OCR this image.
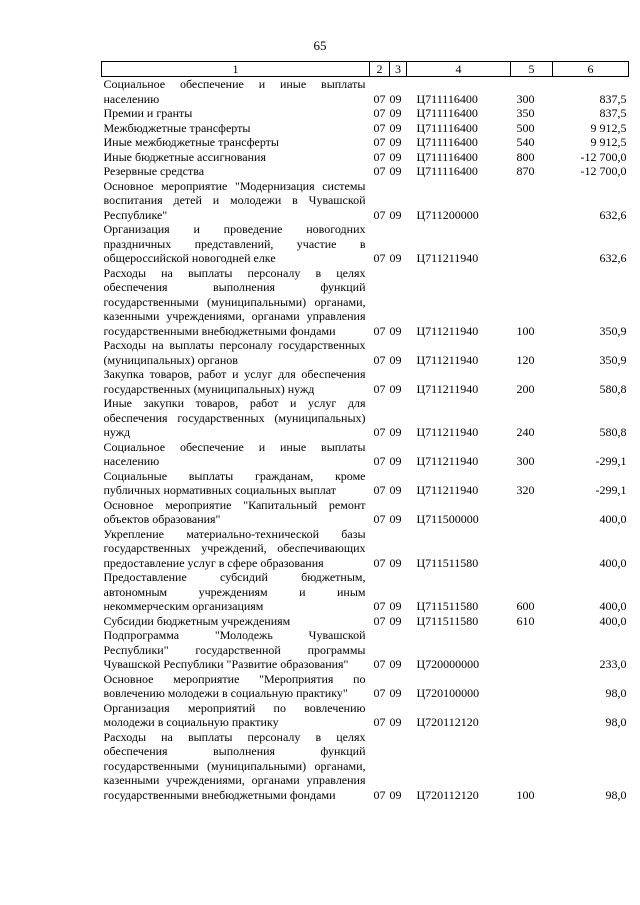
65
1	2	3	4	5	6
Социальное обеспечение и иные выплаты населению	07	09	Ц711116400	300	837,5
Премии и гранты	07	09	Ц711116400	350	837,5
Межбюджетные трансферты	07	09	Ц711116400	500	9 912,5
Иные межбюджетные трансферты	07	09	Ц711116400	540	9 912,5
Иные бюджетные ассигнования	07	09	Ц711116400	800	-12 700,0
Резервные средства	07	09	Ц711116400	870	-12 700,0
Основное мероприятие "Модернизация системы воспитания детей и молодежи в Чувашской Республике"	07	09	Ц711200000		632,6
Организация и проведение новогодних праздничных представлений, участие в общероссийской новогодней елке	07	09	Ц711211940		632,6
Расходы на выплаты персоналу в целях обеспечения выполнения функций государственными (муниципальными) органами, казенными учреждениями, органами управления государственными внебюджетными фондами	07	09	Ц711211940	100	350,9
Расходы на выплаты персоналу государственных (муниципальных) органов	07	09	Ц711211940	120	350,9
Закупка товаров, работ и услуг для обеспечения государственных (муниципальных) нужд	07	09	Ц711211940	200	580,8
Иные закупки товаров, работ и услуг для обеспечения государственных (муниципальных) нужд	07	09	Ц711211940	240	580,8
Социальное обеспечение и иные выплаты населению	07	09	Ц711211940	300	-299,1
Социальные выплаты гражданам, кроме публичных нормативных социальных выплат	07	09	Ц711211940	320	-299,1
Основное мероприятие "Капитальный ремонт объектов образования"	07	09	Ц711500000		400,0
Укрепление материально-технической базы государственных учреждений, обеспечивающих предоставление услуг в сфере образования	07	09	Ц711511580		400,0
Предоставление субсидий бюджетным, автономным учреждениям и иным некоммерческим организациям	07	09	Ц711511580	600	400,0
Субсидии бюджетным учреждениям	07	09	Ц711511580	610	400,0
Подпрограмма "Молодежь Чувашской Республики" государственной программы Чувашской Республики "Развитие образования"	07	09	Ц720000000		233,0
Основное мероприятие "Мероприятия по вовлечению молодежи в социальную практику"	07	09	Ц720100000		98,0
Организация мероприятий по вовлечению молодежи в социальную практику	07	09	Ц720112120		98,0
Расходы на выплаты персоналу в целях обеспечения выполнения функций государственными (муниципальными) органами, казенными учреждениями, органами управления государственными внебюджетными фондами	07	09	Ц720112120	100	98,0
